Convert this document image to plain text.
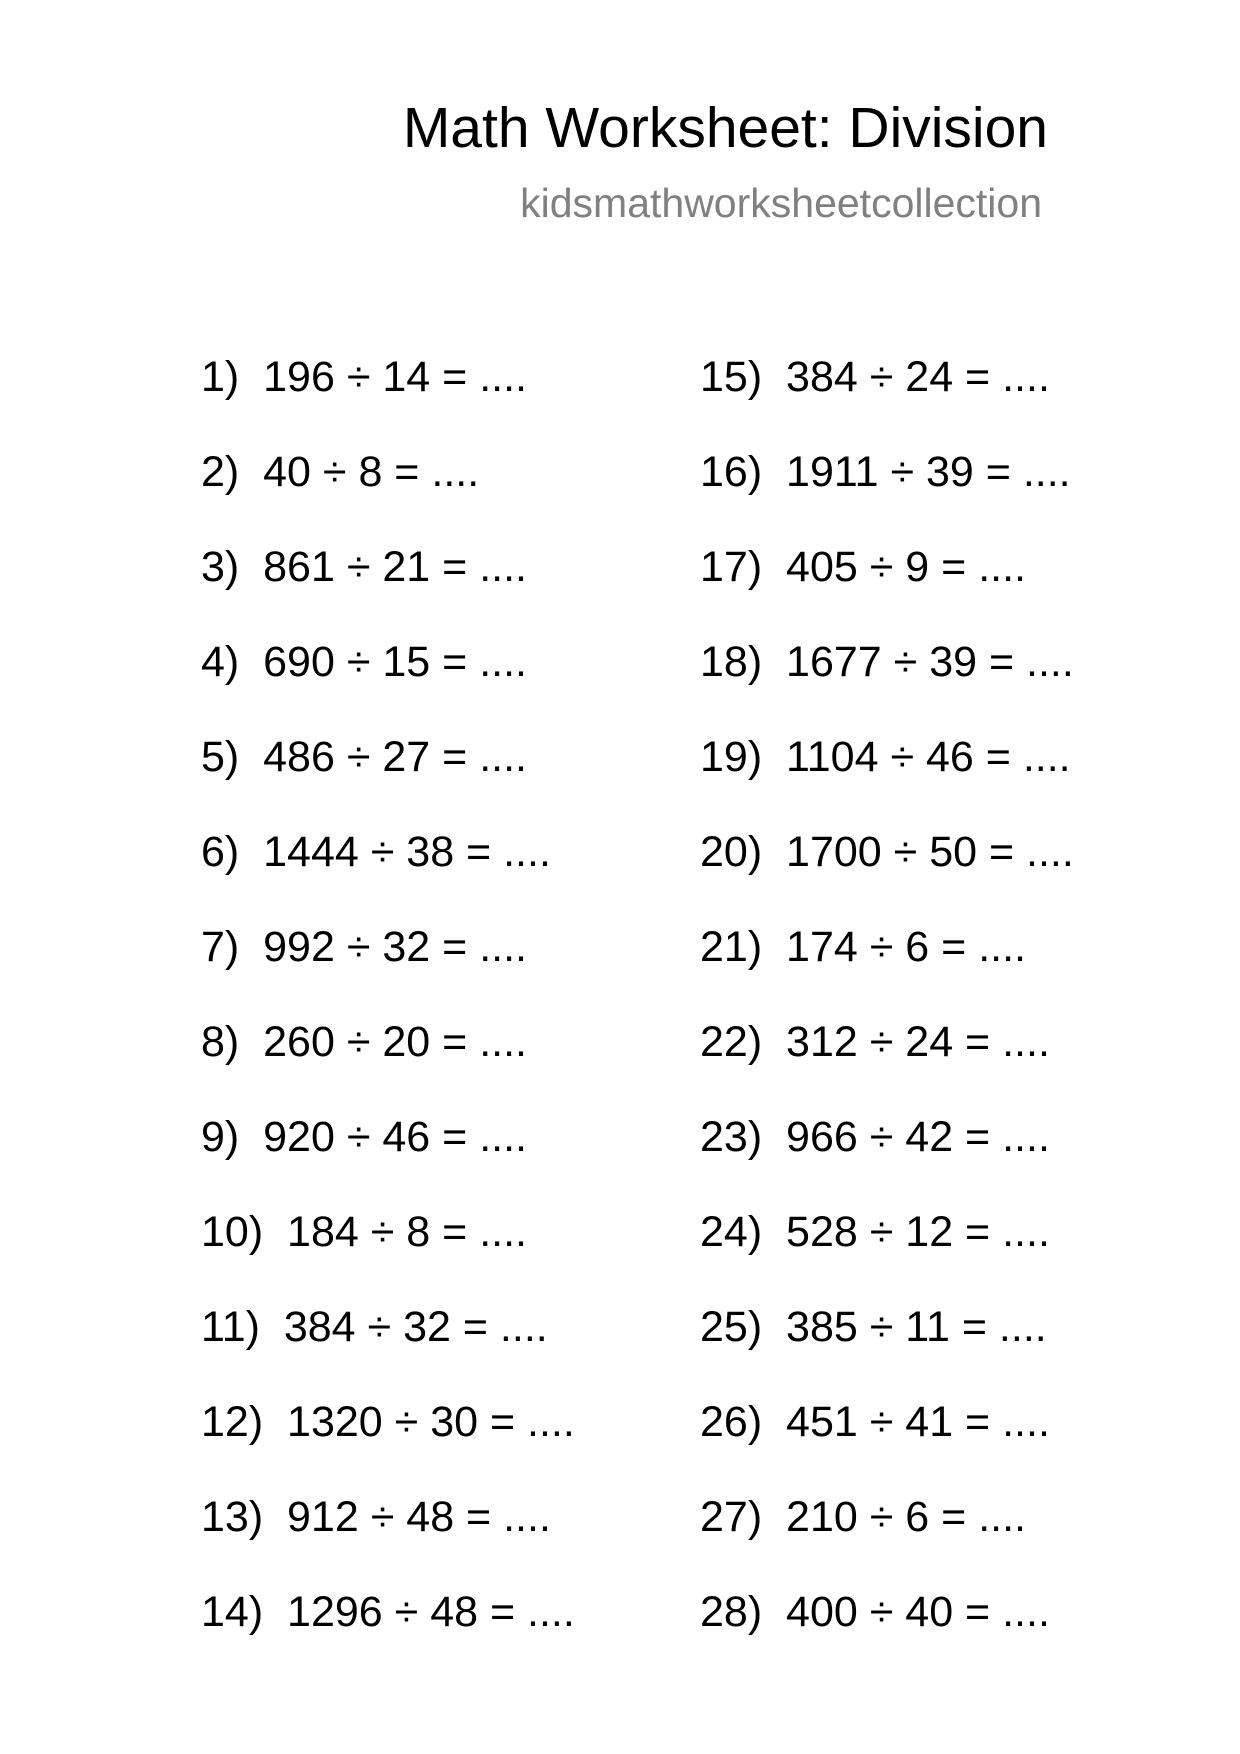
Math Worksheet: Division
kidsmathworksheetcollection
1)  196 ÷ 14 = ....
2)  40 ÷ 8 = ....
3)  861 ÷ 21 = ....
4)  690 ÷ 15 = ....
5)  486 ÷ 27 = ....
6)  1444 ÷ 38 = ....
7)  992 ÷ 32 = ....
8)  260 ÷ 20 = ....
9)  920 ÷ 46 = ....
10)  184 ÷ 8 = ....
11)  384 ÷ 32 = ....
12)  1320 ÷ 30 = ....
13)  912 ÷ 48 = ....
14)  1296 ÷ 48 = ....
15)  384 ÷ 24 = ....
16)  1911 ÷ 39 = ....
17)  405 ÷ 9 = ....
18)  1677 ÷ 39 = ....
19)  1104 ÷ 46 = ....
20)  1700 ÷ 50 = ....
21)  174 ÷ 6 = ....
22)  312 ÷ 24 = ....
23)  966 ÷ 42 = ....
24)  528 ÷ 12 = ....
25)  385 ÷ 11 = ....
26)  451 ÷ 41 = ....
27)  210 ÷ 6 = ....
28)  400 ÷ 40 = ....
